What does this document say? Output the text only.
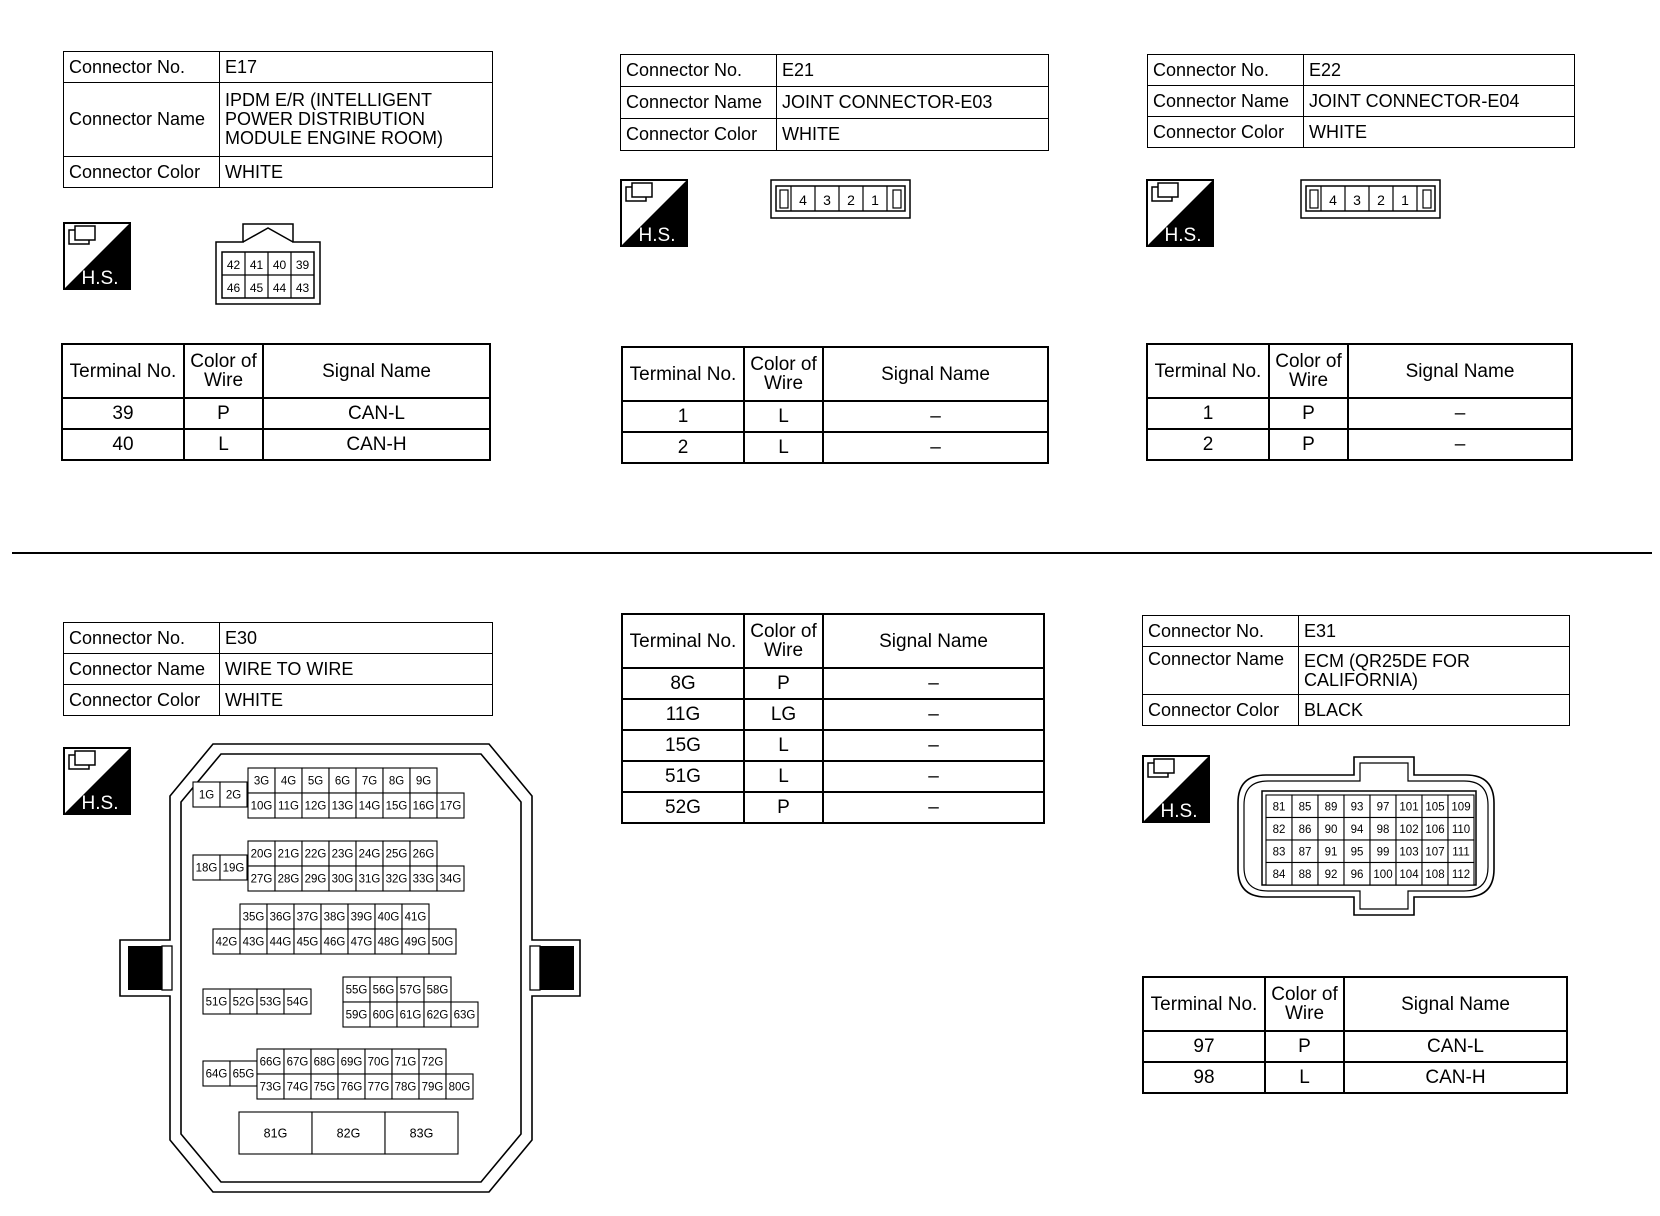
Connector No.	E17
Connector Name	IPDM E/R (INTELLIGENT
POWER DISTRIBUTION
MODULE ENGINE ROOM)

Connector Color	WHITE
H.S.
42 41 40 39
46 45 44 43
Terminal No.	Color of
Wire	Signal Name
39	P	CAN-L
40	L	CAN-H
Connector No.	E21
Connector Name	JOINT CONNECTOR-E03
Connector Color	WHITE
H.S.
4 3 2 1
Terminal No.	Color of
Wire	Signal Name
1	L	–
2	L	–
Connector No.	E22
Connector Name	JOINT CONNECTOR-E04
Connector Color	WHITE
H.S.
4 3 2 1
Terminal No.	Color of
Wire	Signal Name
1	P	–
2	P	–
Connector No.	E30
Connector Name	WIRE TO WIRE
Connector Color	WHITE
H.S.	1G 2G
3G 4G 5G 6G 7G 8G 9G
10G 11G 12G 13G 14G 15G 16G 17G
18G 19G
20G 21G 22G 23G 24G 25G 26G
27G 28G 29G 30G 31G 32G 33G 34G
35G 36G 37G 38G 39G 40G 41G
42G 43G 44G 45G 46G 47G 48G 49G 50G
51G 52G 53G 54G
55G 56G 57G 58G
59G 60G 61G 62G 63G
64G 65G
66G 67G 68G 69G 70G 71G 72G
73G 74G 75G 76G 77G 78G 79G 80G
81G	82G	83G
Terminal No.	Color of
Wire	Signal Name
8G	P	–
11G	LG	–
15G	L	–
51G	L	–
52G	P	–
Connector No.	E31
Connector Name	ECM (QR25DE FOR
CALIFORNIA)

Connector Color	BLACK
H.S.	81 85 89 93 97 101 105 109
82 86 90 94 98 102 106 110
83 87 91 95 99 103 107 111
84 88 92 96 100 104 108 112
Terminal No.	Color of
Wire	Signal Name
97	P	CAN-L
98	L	CAN-H
